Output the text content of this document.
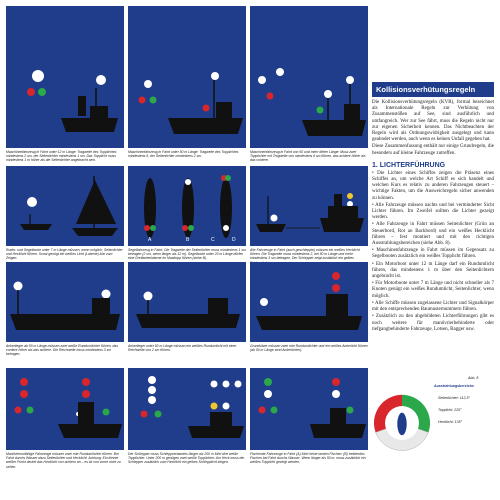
Maschinenfahrzeug in Fahrt unter 12 m Länge: Tragweite des Topplichtes mindestens 2 sm, der Seitenlichter mindestens 1 sm. Das Topplicht muss mindestens 1 m höher als die Seitenlichter angebracht sein.
Maschinenfahrzeug in Fahrt unter 50 m Länge: Tragweite des Topplichtes mindestens 5, der Seitenlichter mindestens 2 sm.
Maschinenfahrzeug in Fahrt von 50 und mehr Meter Länge: Muss zwei Topplichter mit Tragweite von mindestens 6 sm führen, das achtere höher als das vordere.
Ruder- und Segelboote unter 7 m Länge müssen, wenn möglich, Seitenlichter und Hecklicht führen. Sonst genügt ein weißes Licht (Laterne) klar zum Zeigen.
A	B	C	D
Segelfahrzeug in Fahrt. Die Tragweite der Seitenlichter muss mindestens 1 sm betragen (2 sm, wenn länger als 12 m). Segelboote unter 20 m Länge dürfen eine Dreifarbenlaterne im Masttopp führen (siehe B).
Alle Fahrzeuge in Fahrt (auch geschleppte) müssen ein weißes Hecklicht führen. Die Tragweite muss mindestens 2, bei 50 m Länge und mehr mindestens 3 sm betragen. Der Schlepper zeigt zusätzlich ein gelbes
Ankerlieger ab 50 m Länge müssen zwei weiße Rundumlichter führen, das vordere höher als das achtere. Die Reichweite muss mindestens 3 sm betragen.
Ankerlieger unter 50 m Länge müssen ein weißes Rundumlicht mit einer Reichweite von 2 sm führen.
Grundsitzer müssen zwei rote Rundumlichter und ein weißes Ankerlicht führen (ab 50 m Länge zwei Ankerlichter).
Manövrierunfähige Fahrzeuge müssen zwei rote Rundumlichter führen. Bei Fahrt durchs Wasser dazu Seitenlichter und Hecklicht. Achtung: Ein kleiner weißer Punkt deutet das Hecklicht von achtern an – es ist von vorne nicht zu sehen.
Der Schlepper muss Schleppverbandes länger als 200 m führt drei weiße Topplichter. Unter 200 m genügen zwei weiße Topplichter. Am Heck muss der Schlepper zusätzlich zum Hecklicht ein gelbes Schlepplicht zeigen.
Fischende Fahrzeuge in Fahrt (A) führt keine landen Fischen: (B) treibendes Fischen bei Fahrt durchs Wasser. Wenn länger als 50 m, muss zusätzlich ein weißes Topplicht gezeigt werden.
Kollisionsverhütungsregeln

Die Kollisionsverhütungsregeln (KVR), formal bezeichnet als Internationale Regeln zur Verhütung von Zusammenstößen auf See, sind ausführlich und umfangreich. Wer zur See fährt, muss die Regeln nicht nur zur eigenen Sicherheit kennen. Das Nichtbeachten der Regeln wird als Ordnungswidrigkeit ausgelegt und kann geahndet werden, auch wenn es keinen Unfall gegeben hat.

Diese Zusammenfassung enthält nur einige Grundregeln, die besonders auf kleine Fahrzeuge zutreffen.

1. LICHTERFÜHRUNG

• Die Lichter eines Schiffes zeigen die Präsenz eines Schiffes an, um welche Art Schiff es sich handelt und welchen Kurs es relativ zu anderen Fahrzeugen steuert – wichtige Fakten, um die Ausweichregeln sicher anwenden zu können.

• Alle Fahrzeuge müssen nachts und bei verminderter Sicht Lichter führen. Im Zweifel sollten die Lichter gezeigt werden.

• Alle Fahrzeuge in Fahrt müssen Seitenlichter (Grün an Steuerbord, Rot an Backbord) und ein weißes Hecklicht führen – fest montiert und mit den richtigen Ausstrahlungsbereichen (siehe Abb. 8).

• Maschinenfahrzeuge in Fahrt müssen im Gegensatz zu Segelbooten zusätzlich ein weißes Topplicht führen.

• Ein Motorboot unter 12 m Länge darf ein Rundumlicht führen, das mindestens 1 m über den Seitenlichtern angebracht ist.

• Für Motorboote unter 7 m Länge und nicht schneller als 7 Knoten genügt ein weißes Rundumlicht, Seitenlichter, wenn möglich.

• Alle Schiffe müssen zugelassene Lichter und Signalkörper mit den entsprechenden Baumusternummern führen.

• Zusätzlich zu den abgebildeten Lichterführungen gibt es noch weitere für manövrierbehinderte oder tiefgangbehinderte Fahrzeuge, Lotsen, Bagger usw.

Abb. 8
Ausstrahlungsbereiche
Seitenlichter: 112,5°
Topplicht: 225°
Hecklicht: 135°
